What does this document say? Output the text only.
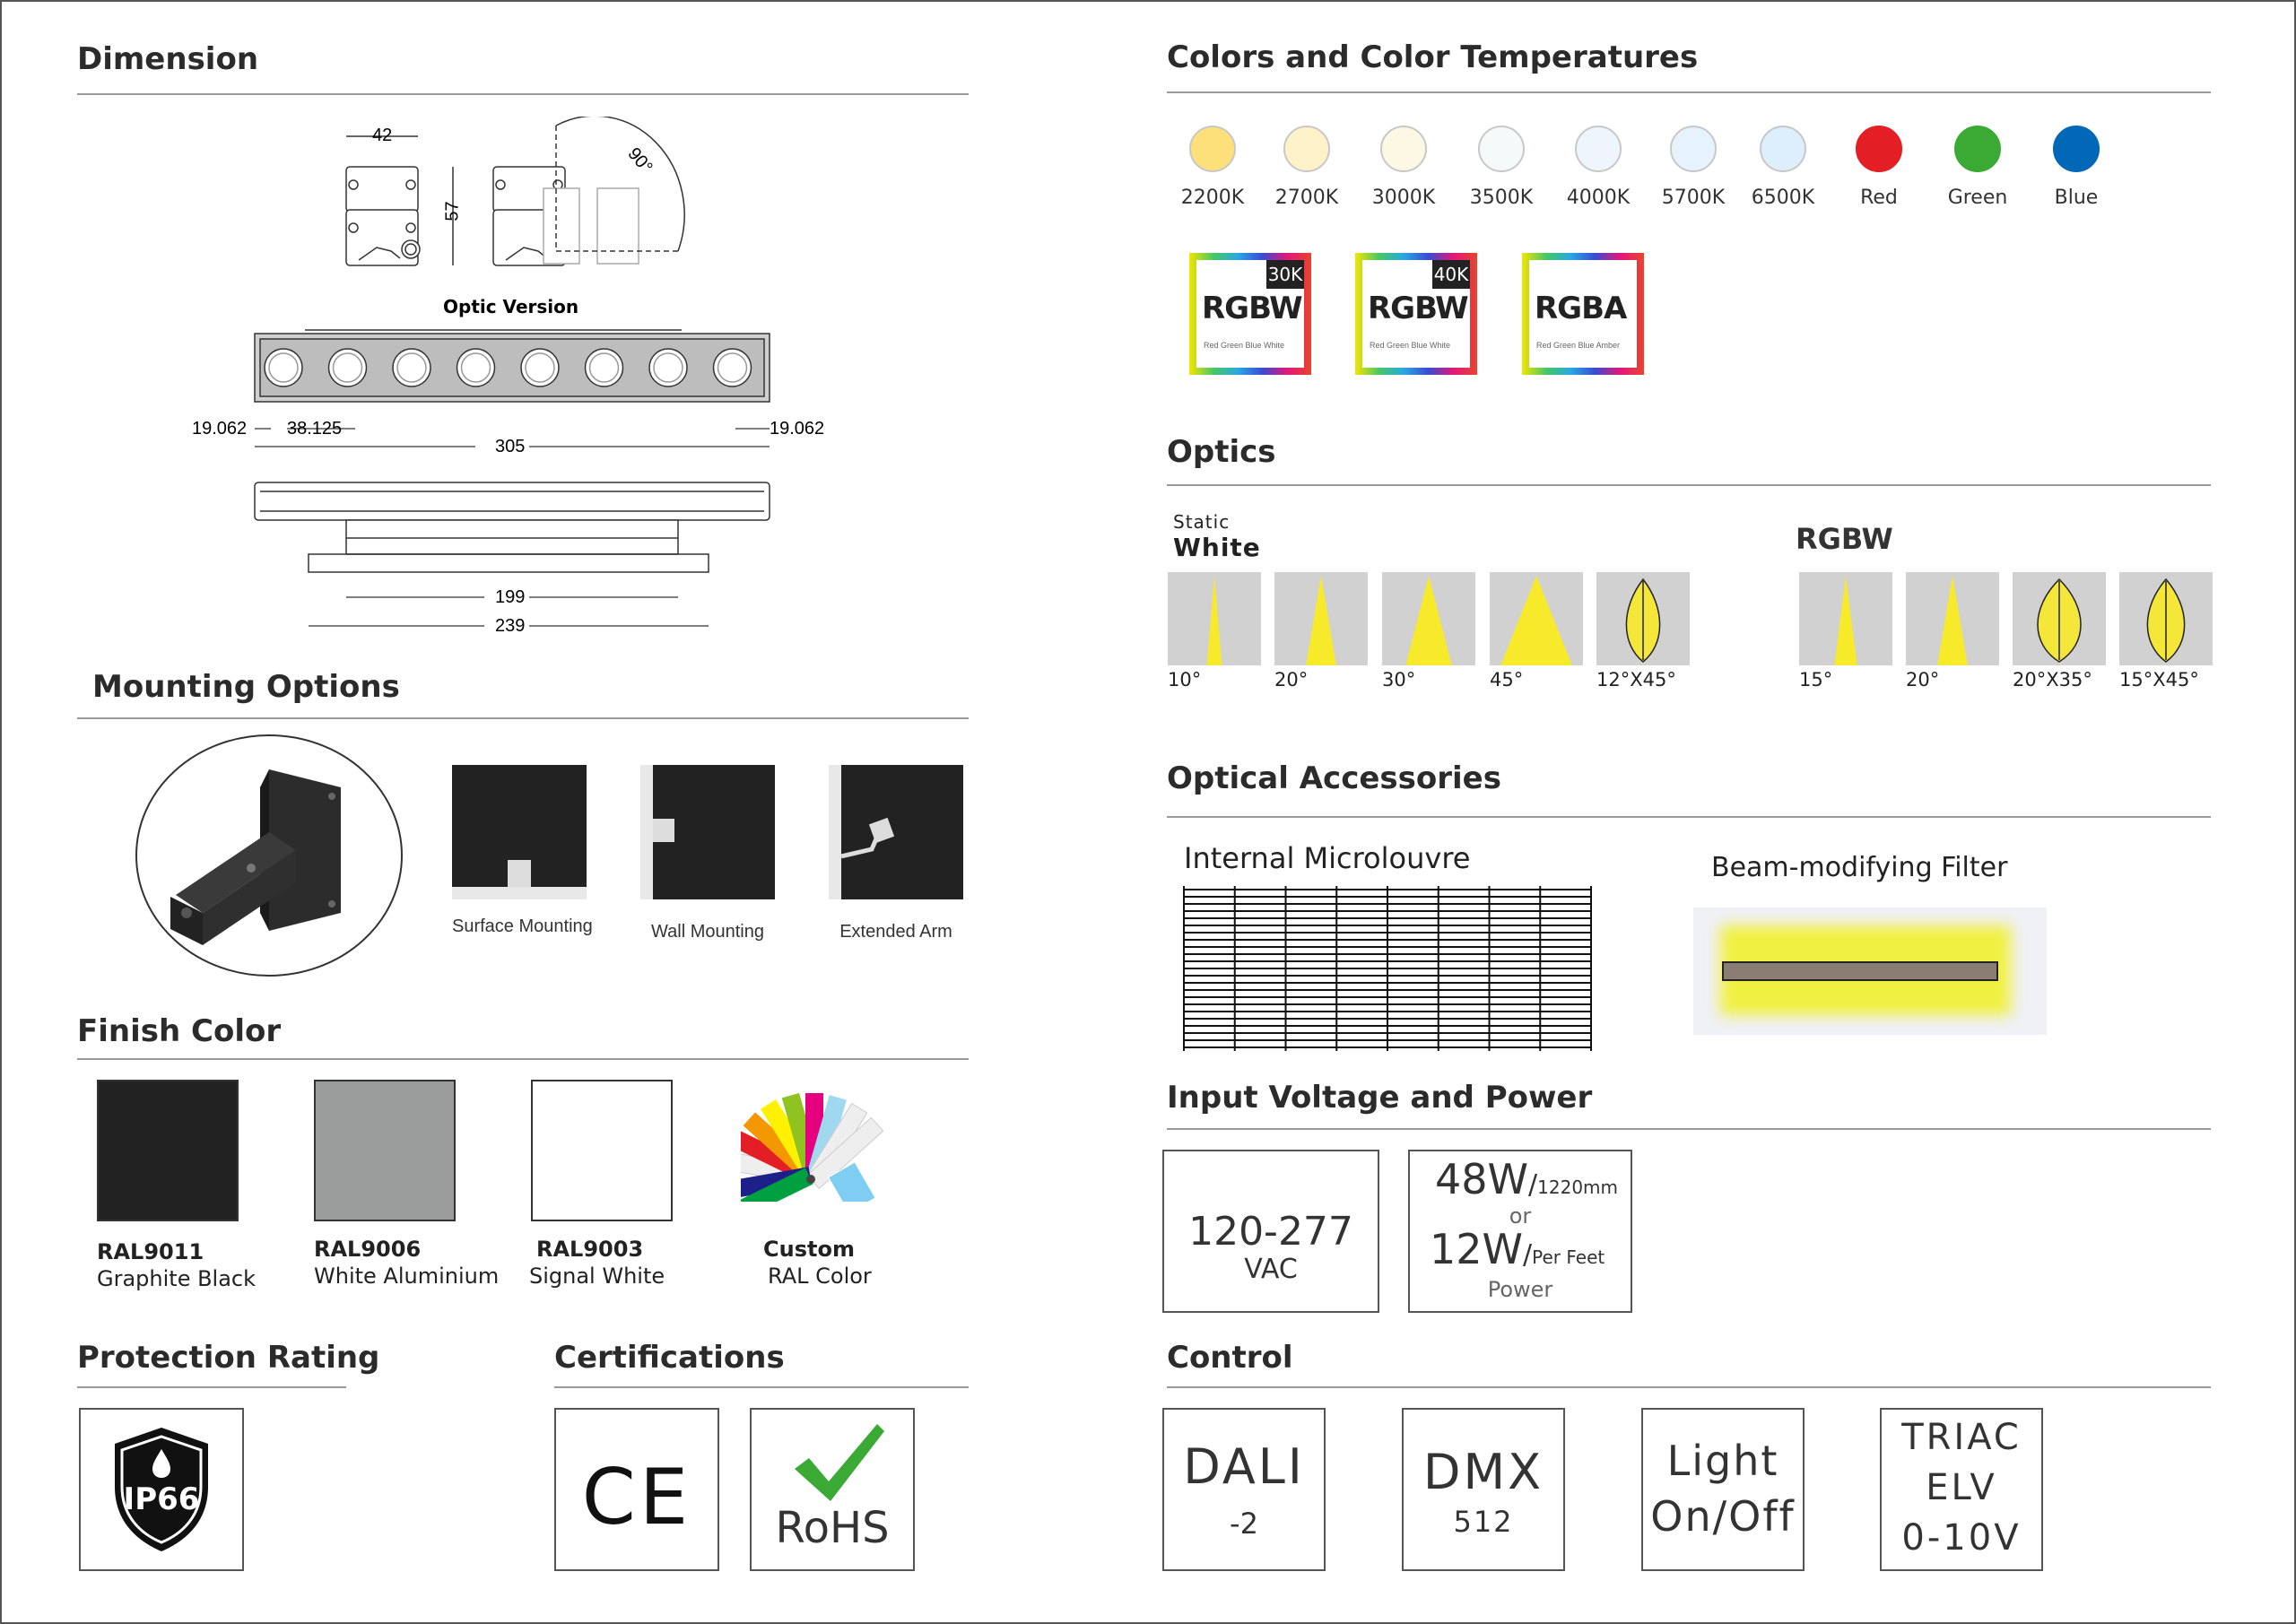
Dimension
42
57
90°
Optic Version
19.062 38.125
305
19.062
199
239
Mounting Options
Surface Mounting	Wall Mounting	Extended Arm
Finish Color
RAL9011
Graphite Black
RAL9006
White Aluminium
RAL9003
Signal White
Custom
RAL Color
Protection Rating
IP66
Certifications
CE	RoHS
Colors and Color Temperatures
2200K	2700K	3000K	3500K	4000K	5700K	6500K	Red	Green	Blue
RGBW
Red Green Blue White
30K
RGBW
Red Green Blue White
40K
RGBA
Red Green Blue Amber
Optics
Static
White	RGBW
10°	20°	30°	45°	12°X45°	15°	20°	20°X35° 15°X45°
Optical Accessories
Internal Microlouvre	Beam-modifying Filter
Input Voltage and Power
120-277
VAC
48W/1220mm
or
12W/Per Feet
Power
Control
DALI
-2
DMX
512
Light
On/Off
TRIAC
ELV
0-10V
